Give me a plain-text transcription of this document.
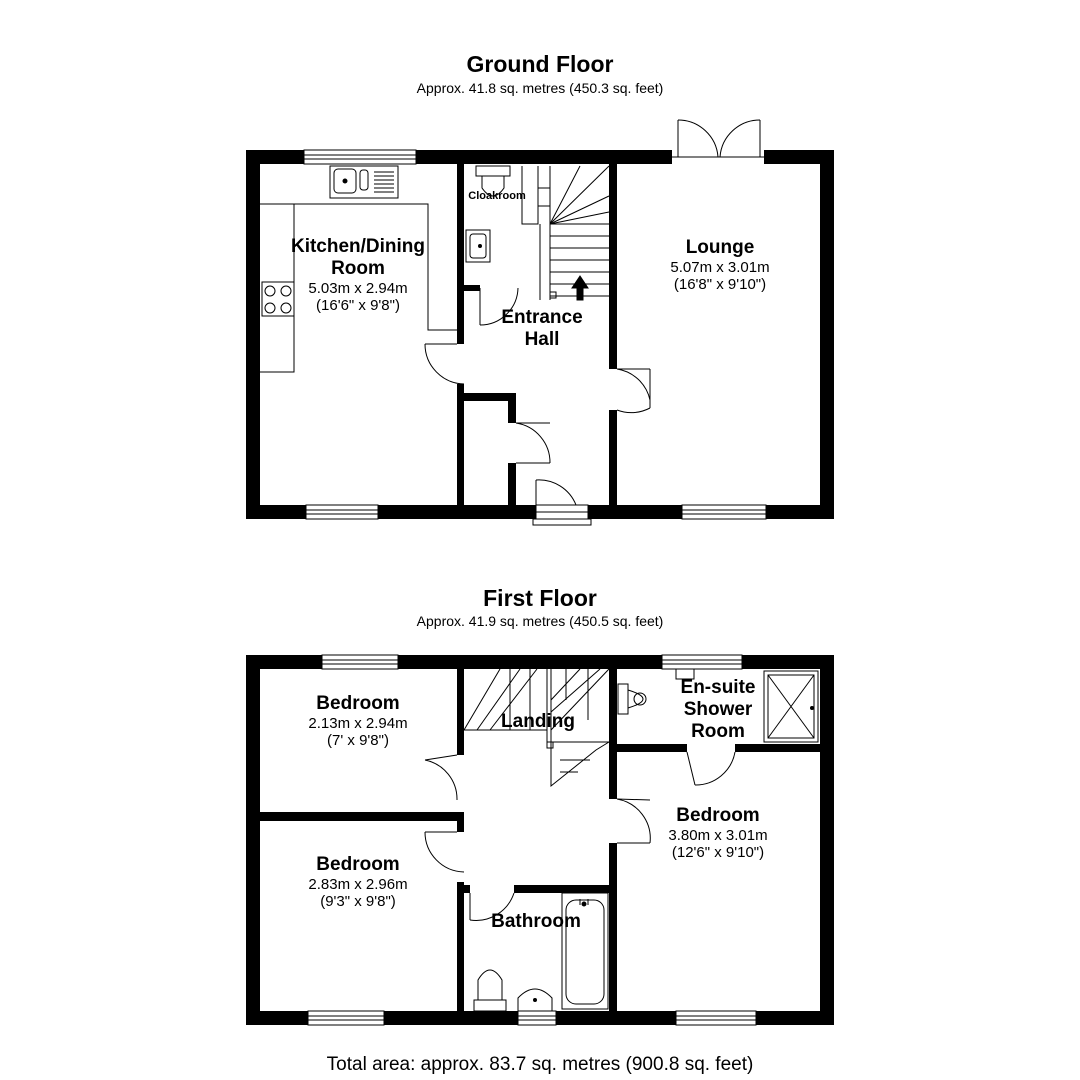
Ground Floor
Approx. 41.8 sq. metres (450.3 sq. feet)
First Floor
Approx. 41.9 sq. metres (450.5 sq. feet)
Kitchen/Dining
Room
5.03m x 2.94m
(16'6" x 9'8")
Lounge
5.07m x 3.01m
(16'8" x 9'10")
Entrance
Hall
Cloakroom
Bedroom
2.13m x 2.94m
(7' x 9'8")
Bedroom
2.83m x 2.96m
(9'3" x 9'8")
Bedroom
3.80m x 3.01m
(12'6" x 9'10")
Landing
Bathroom
En-suite
Shower
Room
Total area: approx. 83.7 sq. metres (900.8 sq. feet)
